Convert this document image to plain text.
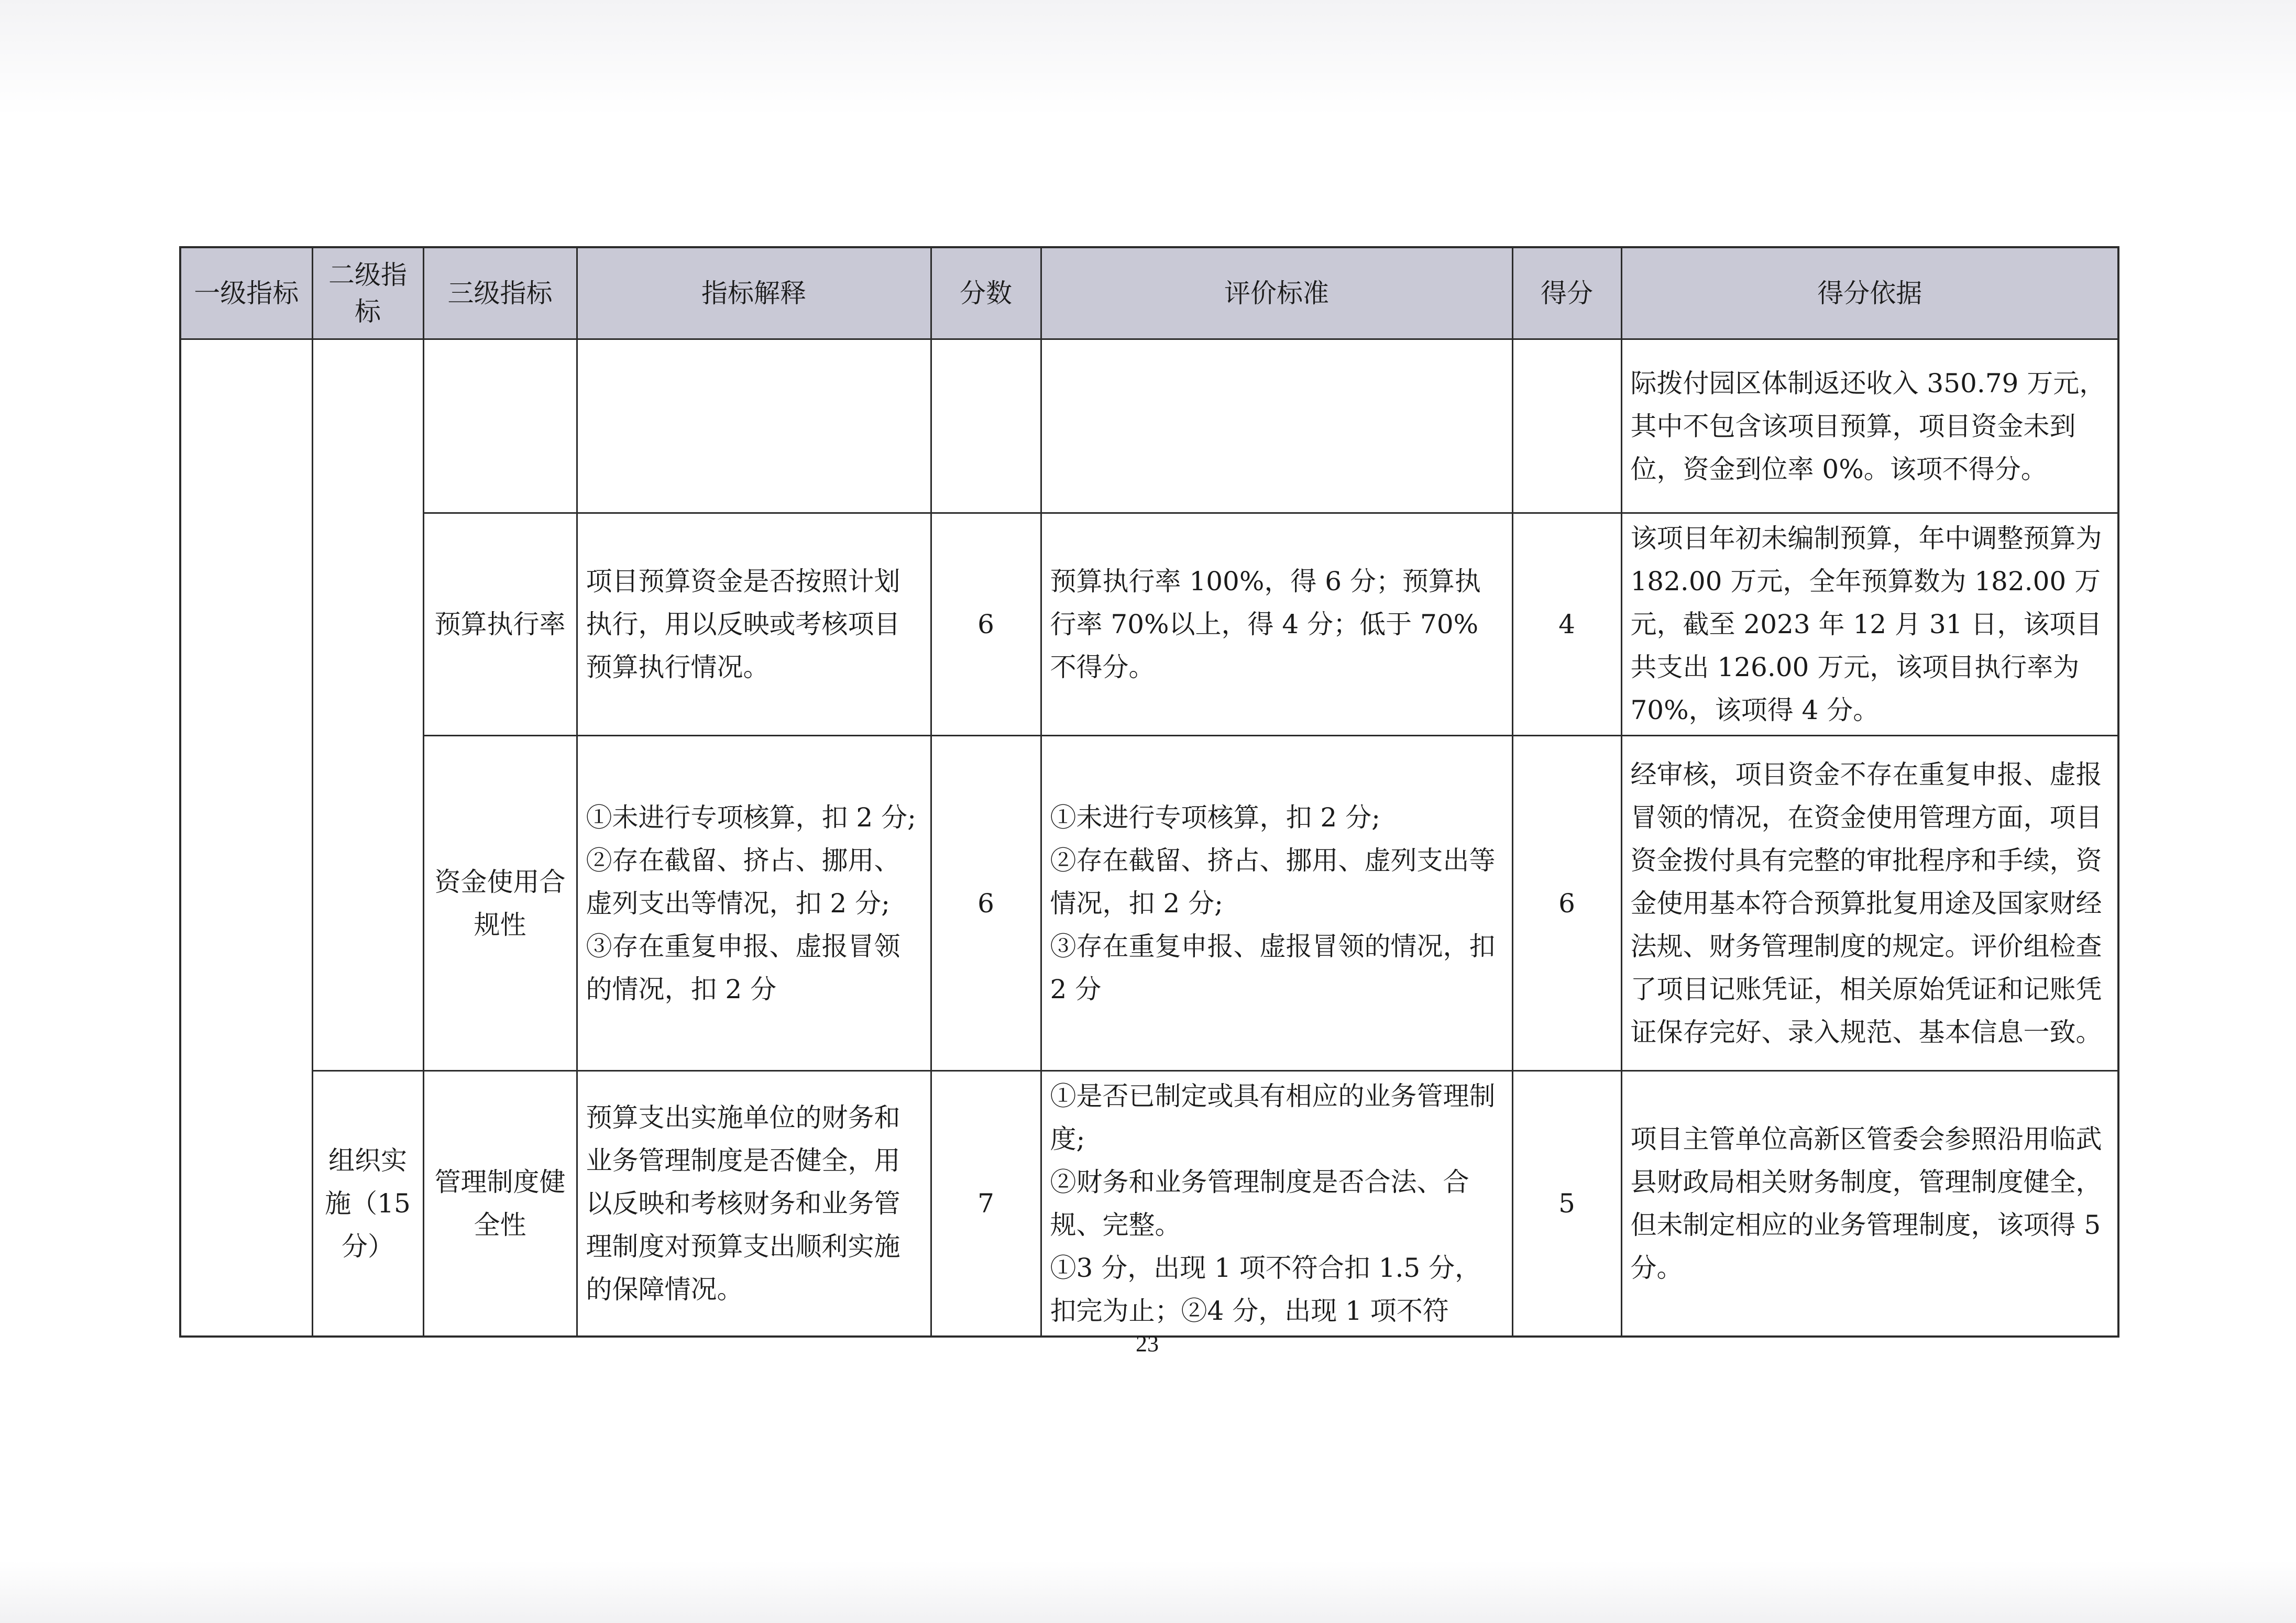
一级指标	二级指标	三级指标	指标解释	分数	评价标准	得分	得分依据
							际拨付园区体制返还收入 350.79 万元，其中不包含该项目预算，项目资金未到位，资金到位率 0%。该项不得分。
		预算执行率	项目预算资金是否按照计划执行，用以反映或考核项目预算执行情况。	6	预算执行率 100%，得 6 分；预算执行率 70%以上，得 4 分；低于 70%不得分。	4	该项目年初未编制预算，年中调整预算为 182.00 万元，全年预算数为 182.00 万元，截至 2023 年 12 月 31 日，该项目共支出 126.00 万元，该项目执行率为 70%，该项得 4 分。
		资金使用合规性	①未进行专项核算，扣 2 分;
②存在截留、挤占、挪用、虚列支出等情况，扣 2 分;
③存在重复申报、虚报冒领的情况，扣 2 分	6	①未进行专项核算，扣 2 分;
②存在截留、挤占、挪用、虚列支出等情况，扣 2 分;
③存在重复申报、虚报冒领的情况，扣 2 分	6	经审核，项目资金不存在重复申报、虚报冒领的情况，在资金使用管理方面，项目资金拨付具有完整的审批程序和手续，资金使用基本符合预算批复用途及国家财经法规、财务管理制度的规定。评价组检查了项目记账凭证，相关原始凭证和记账凭证保存完好、录入规范、基本信息一致。
	组织实施（15 分）	管理制度健全性	预算支出实施单位的财务和业务管理制度是否健全，用以反映和考核财务和业务管理制度对预算支出顺利实施的保障情况。	7	①是否已制定或具有相应的业务管理制度;
②财务和业务管理制度是否合法、合规、完整。
①3 分，出现 1 项不符合扣 1.5 分，扣完为止；②4 分，出现 1 项不符	5	项目主管单位高新区管委会参照沿用临武县财政局相关财务制度，管理制度健全，但未制定相应的业务管理制度，该项得 5 分。
23
